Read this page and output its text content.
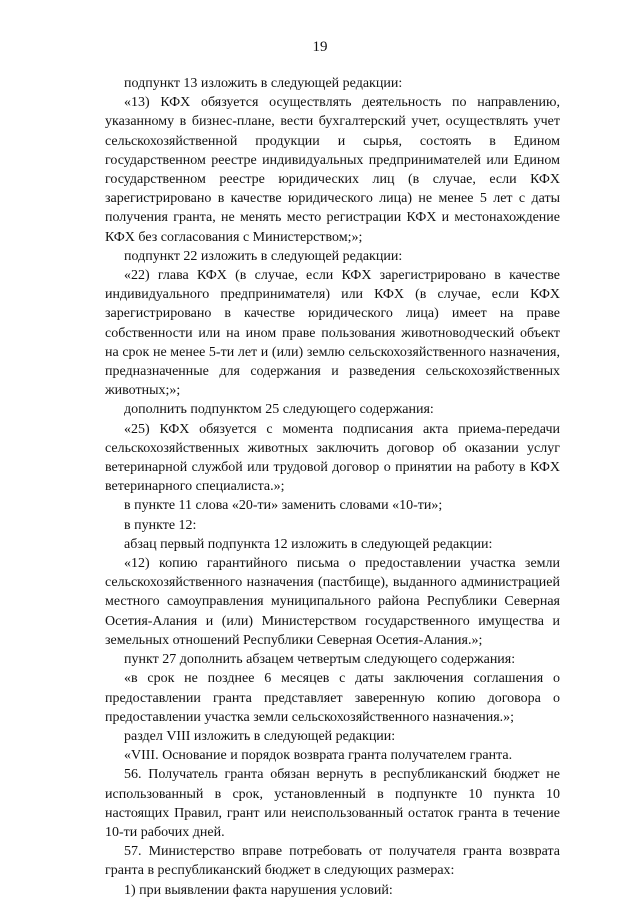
19

подпункт 13 изложить в следующей редакции:

«13) КФХ обязуется осуществлять деятельность по направлению, указанному в бизнес-плане, вести бухгалтерский учет, осуществлять учет сельскохозяйственной продукции и сырья, состоять в Едином государственном реестре индивидуальных предпринимателей или Едином государственном реестре юридических лиц (в случае, если КФХ зарегистрировано в качестве юридического лица) не менее 5 лет с даты получения гранта, не менять место регистрации КФХ и местонахождение КФХ без согласования с Министерством;»;

подпункт 22 изложить в следующей редакции:

«22) глава КФХ (в случае, если КФХ зарегистрировано в качестве индивидуального предпринимателя) или КФХ (в случае, если КФХ зарегистрировано в качестве юридического лица) имеет на праве собственности или на ином праве пользования животноводческий объект на срок не менее 5-ти лет и (или) землю сельскохозяйственного назначения, предназначенные для содержания и разведения сельскохозяйственных животных;»;

дополнить подпунктом 25 следующего содержания:

«25) КФХ обязуется с момента подписания акта приема-передачи сельскохозяйственных животных заключить договор об оказании услуг ветеринарной службой или трудовой договор о принятии на работу в КФХ ветеринарного специалиста.»;

в пункте 11 слова «20-ти» заменить словами «10-ти»;

в пункте 12:

абзац первый подпункта 12 изложить в следующей редакции:

«12) копию гарантийного письма о предоставлении участка земли сельскохозяйственного назначения (пастбище), выданного администрацией местного самоуправления муниципального района Республики Северная Осетия-Алания и (или) Министерством государственного имущества и земельных отношений Республики Северная Осетия-Алания.»;

пункт 27 дополнить абзацем четвертым следующего содержания:

«в срок не позднее 6 месяцев с даты заключения соглашения о предоставлении гранта представляет заверенную копию договора о предоставлении участка земли сельскохозяйственного назначения.»;

раздел VIII изложить в следующей редакции:

«VIII. Основание и порядок возврата гранта получателем гранта.

56. Получатель гранта обязан вернуть в республиканский бюджет не использованный в срок, установленный в подпункте 10 пункта 10 настоящих Правил, грант или неиспользованный остаток гранта в течение 10-ти рабочих дней.

57. Министерство вправе потребовать от получателя гранта возврата гранта в республиканский бюджет в следующих размерах:

1) при выявлении факта нарушения условий:
